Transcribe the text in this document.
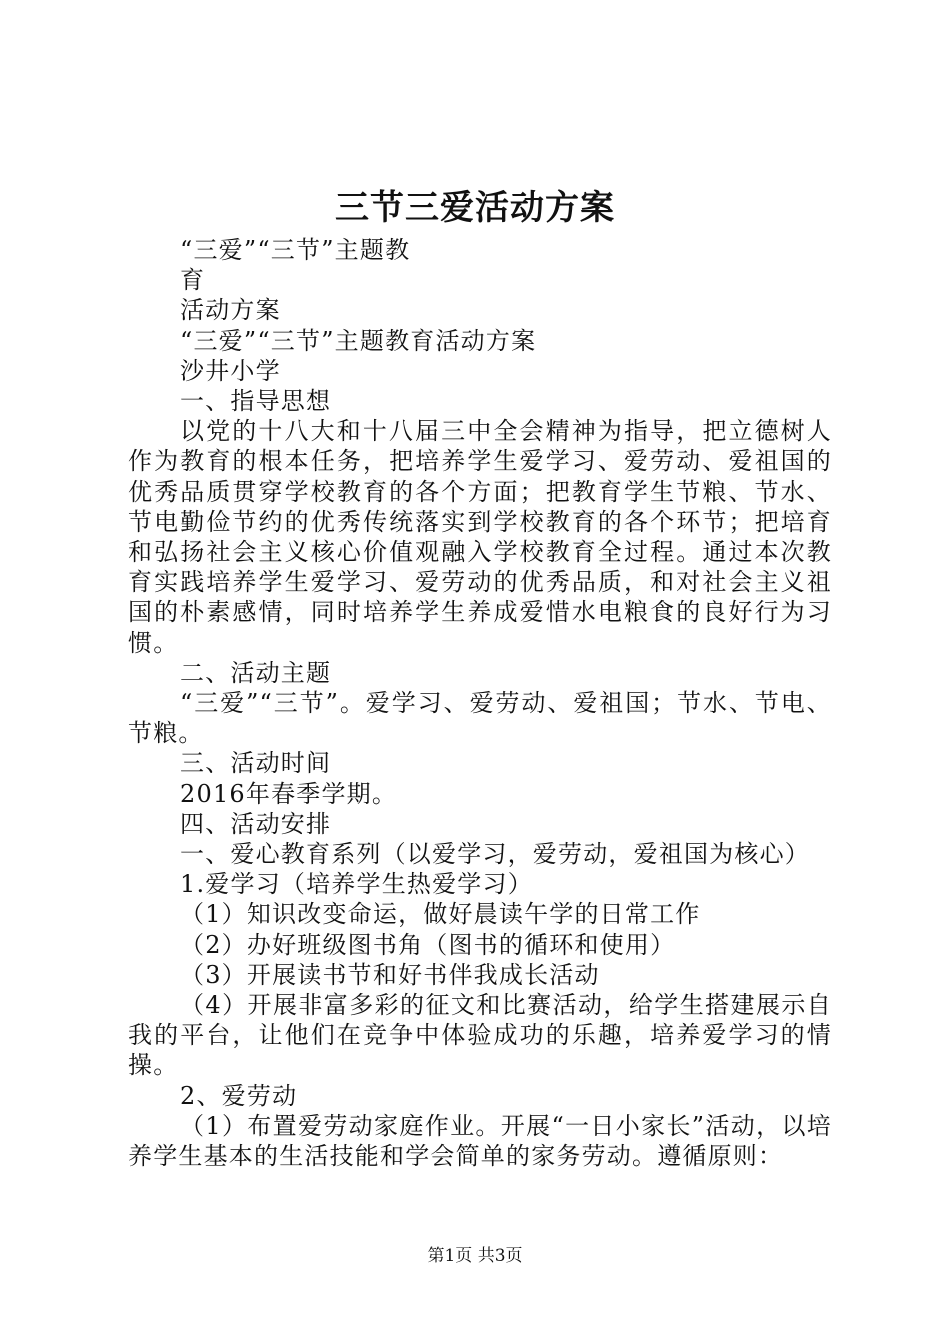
三节三爱活动方案

“三爱”“三节”主题教

育

活动方案

“三爱”“三节”主题教育活动方案

沙井小学

一、指导思想

以党的十八大和十八届三中全会精神为指导，把立德树人作为教育的根本任务，把培养学生爱学习、爱劳动、爱祖国的优秀品质贯穿学校教育的各个方面；把教育学生节粮、节水、节电勤俭节约的优秀传统落实到学校教育的各个环节；把培育和弘扬社会主义核心价值观融入学校教育全过程。通过本次教育实践培养学生爱学习、爱劳动的优秀品质，和对社会主义祖国的朴素感情，同时培养学生养成爱惜水电粮食的良好行为习惯。

二、活动主题

“三爱”“三节”。爱学习、爱劳动、爱祖国；节水、节电、节粮。

三、活动时间

2016年春季学期。

四、活动安排

一、爱心教育系列（以爱学习，爱劳动，爱祖国为核心）

1.爱学习（培养学生热爱学习）

（1）知识改变命运，做好晨读午学的日常工作

（2）办好班级图书角（图书的循环和使用）

（3）开展读书节和好书伴我成长活动

（4）开展非富多彩的征文和比赛活动，给学生搭建展示自我的平台，让他们在竞争中体验成功的乐趣，培养爱学习的情操。

2、爱劳动

（1）布置爱劳动家庭作业。开展“一日小家长”活动，以培养学生基本的生活技能和学会简单的家务劳动。遵循原则：

第1页 共3页
